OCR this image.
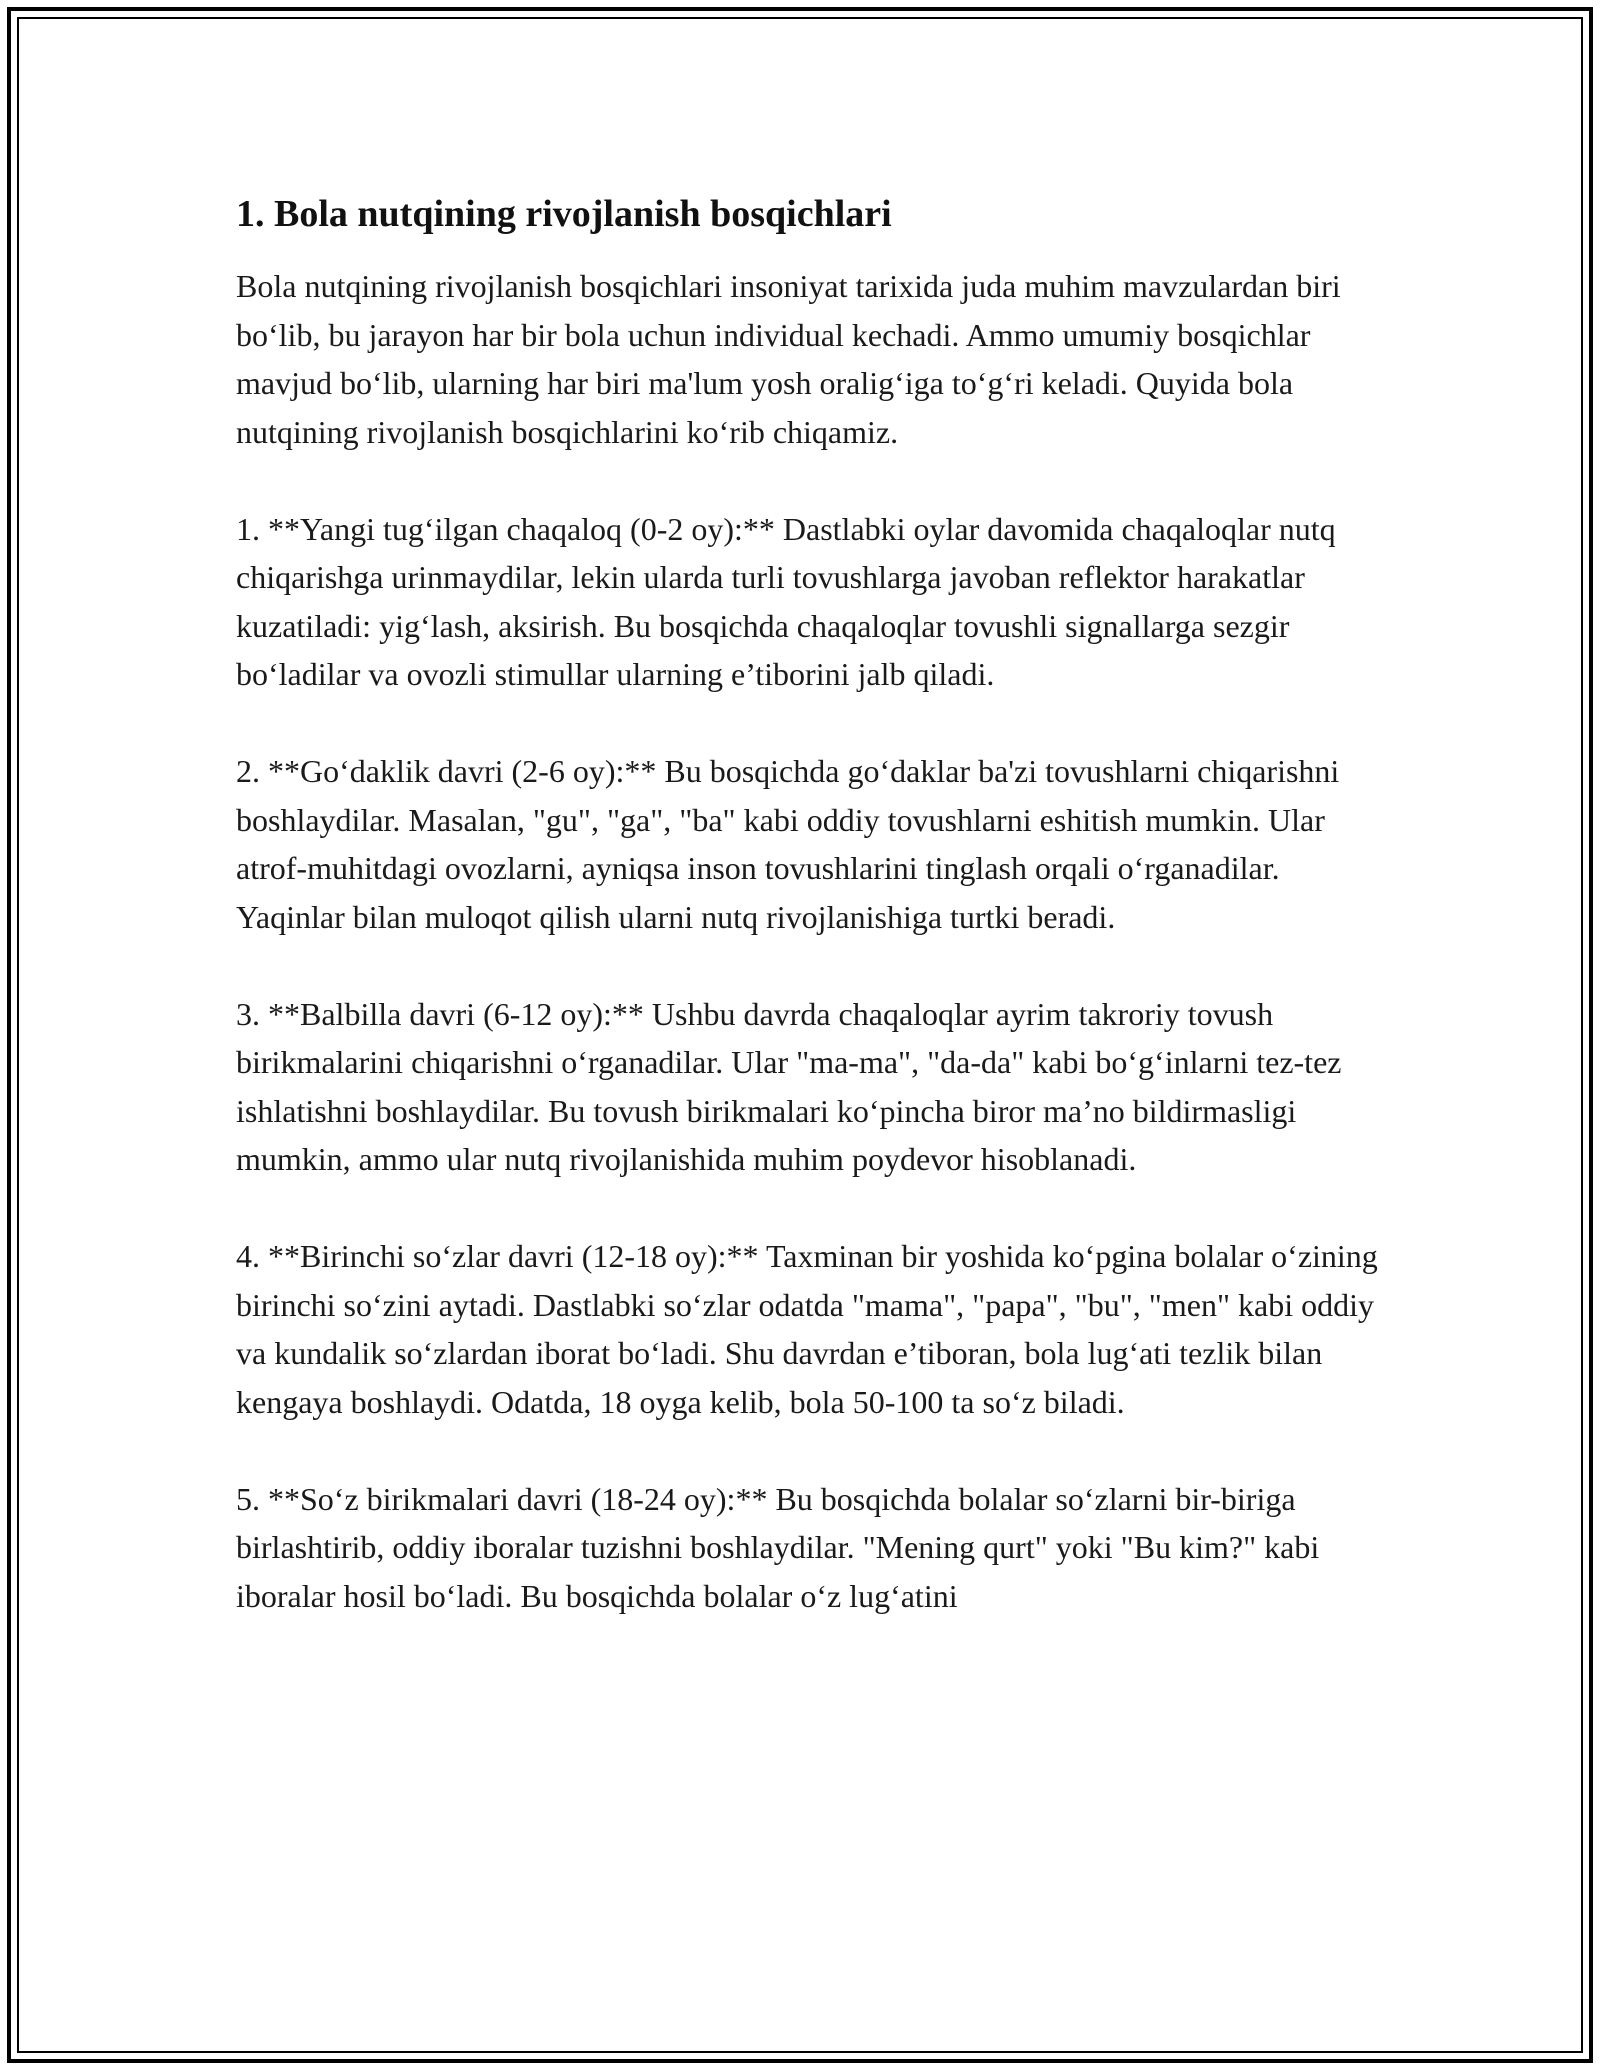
1. Bola nutqining rivojlanish bosqichlari

Bola nutqining rivojlanish bosqichlari insoniyat tarixida juda muhim mavzulardan biri bo‘lib, bu jarayon har bir bola uchun individual kechadi. Ammo umumiy bosqichlar mavjud bo‘lib, ularning har biri ma'lum yosh oralig‘iga to‘g‘ri keladi. Quyida bola nutqining rivojlanish bosqichlarini ko‘rib chiqamiz.

1. **Yangi tug‘ilgan chaqaloq (0-2 oy):** Dastlabki oylar davomida chaqaloqlar nutq chiqarishga urinmaydilar, lekin ularda turli tovushlarga javoban reflektor harakatlar kuzatiladi: yig‘lash, aksirish. Bu bosqichda chaqaloqlar tovushli signallarga sezgir bo‘ladilar va ovozli stimullar ularning e’tiborini jalb qiladi.

2. **Go‘daklik davri (2-6 oy):** Bu bosqichda go‘daklar ba'zi tovushlarni chiqarishni boshlaydilar. Masalan, "gu", "ga", "ba" kabi oddiy tovushlarni eshitish mumkin. Ular atrof-muhitdagi ovozlarni, ayniqsa inson tovushlarini tinglash orqali o‘rganadilar. Yaqinlar bilan muloqot qilish ularni nutq rivojlanishiga turtki beradi.

3. **Balbilla davri (6-12 oy):** Ushbu davrda chaqaloqlar ayrim takroriy tovush birikmalarini chiqarishni o‘rganadilar. Ular "ma-ma", "da-da" kabi bo‘g‘inlarni tez-tez ishlatishni boshlaydilar. Bu tovush birikmalari ko‘pincha biror ma’no bildirmasligi mumkin, ammo ular nutq rivojlanishida muhim poydevor hisoblanadi.

4. **Birinchi so‘zlar davri (12-18 oy):** Taxminan bir yoshida ko‘pgina bolalar o‘zining birinchi so‘zini aytadi. Dastlabki so‘zlar odatda "mama", "papa", "bu", "men" kabi oddiy va kundalik so‘zlardan iborat bo‘ladi. Shu davrdan e’tiboran, bola lug‘ati tezlik bilan kengaya boshlaydi. Odatda, 18 oyga kelib, bola 50-100 ta so‘z biladi.

5. **So‘z birikmalari davri (18-24 oy):** Bu bosqichda bolalar so‘zlarni bir-biriga birlashtirib, oddiy iboralar tuzishni boshlaydilar. "Mening qurt" yoki "Bu kim?" kabi iboralar hosil bo‘ladi. Bu bosqichda bolalar o‘z lug‘atini
